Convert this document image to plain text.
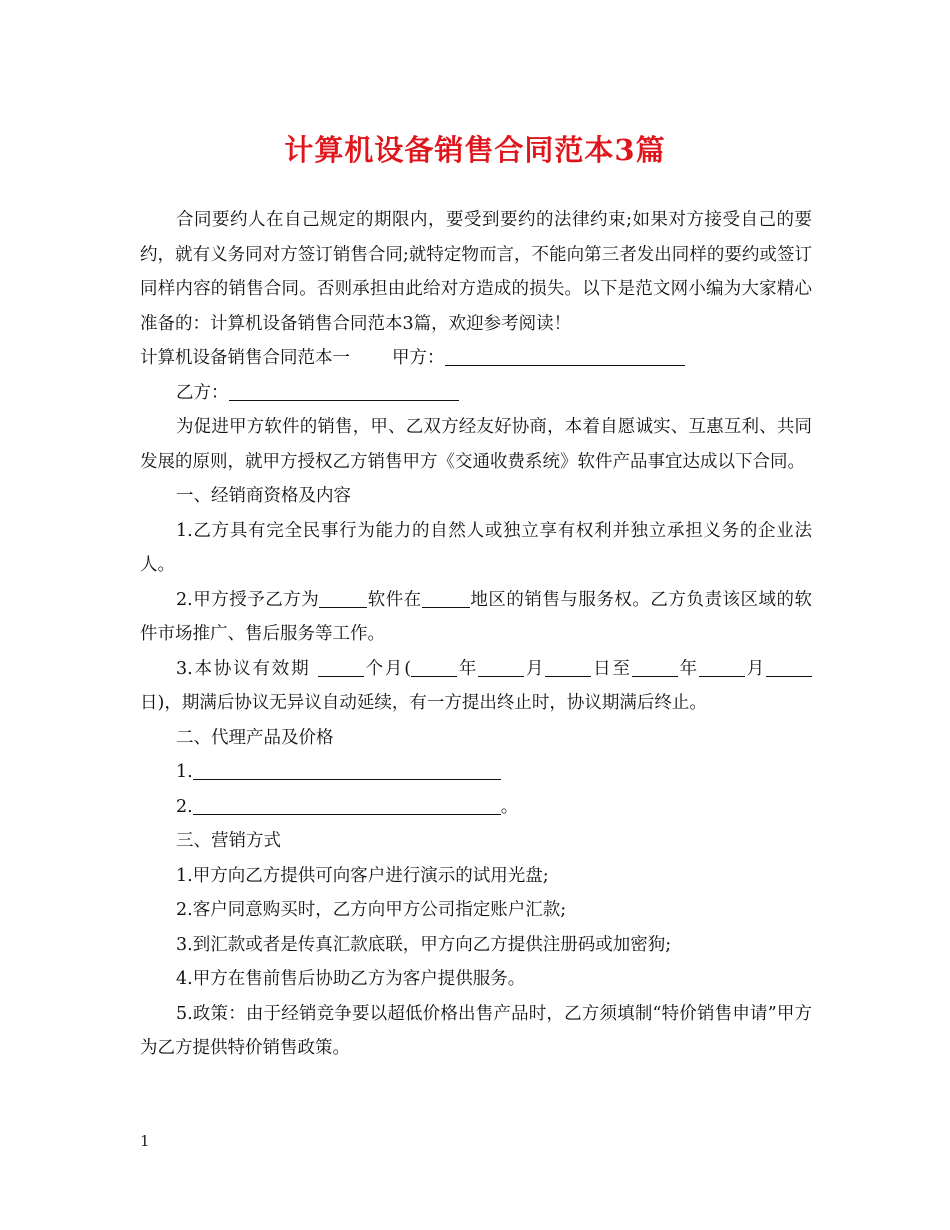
计算机设备销售合同范本3篇

合同要约人在自己规定的期限内，要受到要约的法律约束;如果对方接受自己的要约，就有义务同对方签订销售合同;就特定物而言，不能向第三者发出同样的要约或签订同样内容的销售合同。否则承担由此给对方造成的损失。以下是范文网小编为大家精心准备的：计算机设备销售合同范本3篇，欢迎参考阅读！

计算机设备销售合同范本一 甲方：

乙方：

为促进甲方软件的销售，甲、乙双方经友好协商，本着自愿诚实、互惠互利、共同发展的原则，就甲方授权乙方销售甲方《交通收费系统》软件产品事宜达成以下合同。

一、经销商资格及内容

1.乙方具有完全民事行为能力的自然人或独立享有权利并独立承担义务的企业法人。

2.甲方授予乙方为	软件在	地区的销售与服务权。乙方负责该区域的软件市场推广、售后服务等工作。

3.本协议有效期	个月(	年	月	日至	年	月日)，期满后协议无异议自动延续，有一方提出终止时，协议期满后终止。

二、代理产品及价格

1.

2.	。

三、营销方式

1.甲方向乙方提供可向客户进行演示的试用光盘;

2.客户同意购买时，乙方向甲方公司指定账户汇款;

3.到汇款或者是传真汇款底联，甲方向乙方提供注册码或加密狗;

4.甲方在售前售后协助乙方为客户提供服务。

5.政策：由于经销竞争要以超低价格出售产品时，乙方须填制“特价销售申请”甲方为乙方提供特价销售政策。

1
